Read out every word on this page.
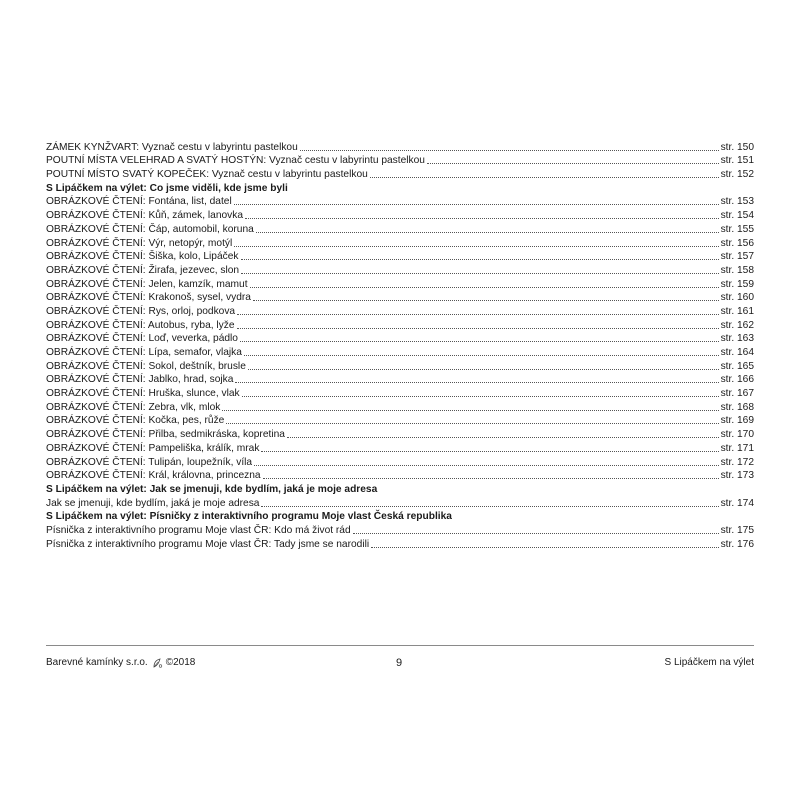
ZÁMEK KYNŽVART: Vyznač cestu v labyrintu pastelkou	str. 150
POUTNÍ MÍSTA VELEHRAD A SVATÝ HOSTÝN: Vyznač cestu v labyrintu pastelkou	str. 151
POUTNÍ MÍSTO SVATÝ KOPEČEK: Vyznač cestu v labyrintu pastelkou	str. 152
S Lipáčkem na výlet: Co jsme viděli, kde jsme byli
OBRÁZKOVÉ ČTENÍ: Fontána, list, datel	str. 153
OBRÁZKOVÉ ČTENÍ: Kůň, zámek, lanovka	str. 154
OBRÁZKOVÉ ČTENÍ: Čáp, automobil, koruna	str. 155
OBRÁZKOVÉ ČTENÍ: Výr, netopýr, motýl	str. 156
OBRÁZKOVÉ ČTENÍ: Šiška, kolo, Lipáček	str. 157
OBRÁZKOVÉ ČTENÍ: Žirafa, jezevec, slon	str. 158
OBRÁZKOVÉ ČTENÍ: Jelen, kamzík, mamut	str. 159
OBRÁZKOVÉ ČTENÍ: Krakonoš, sysel, vydra	str. 160
OBRÁZKOVÉ ČTENÍ: Rys, orloj, podkova	str. 161
OBRÁZKOVÉ ČTENÍ: Autobus, ryba, lyže	str. 162
OBRÁZKOVÉ ČTENÍ: Loď, veverka, pádlo	str. 163
OBRÁZKOVÉ ČTENÍ: Lípa, semafor, vlajka	str. 164
OBRÁZKOVÉ ČTENÍ: Sokol, deštník, brusle	str. 165
OBRÁZKOVÉ ČTENÍ: Jablko, hrad, sojka	str. 166
OBRÁZKOVÉ ČTENÍ: Hruška, slunce, vlak	str. 167
OBRÁZKOVÉ ČTENÍ: Zebra, vlk, mlok	str. 168
OBRÁZKOVÉ ČTENÍ: Kočka, pes, růže	str. 169
OBRÁZKOVÉ ČTENÍ: Přilba, sedmikráska, kopretina	str. 170
OBRÁZKOVÉ ČTENÍ: Pampeliška, králík, mrak	str. 171
OBRÁZKOVÉ ČTENÍ: Tulipán, loupežník, víla	str. 172
OBRÁZKOVÉ ČTENÍ: Král, královna, princezna	str. 173
S Lipáčkem na výlet: Jak se jmenuji, kde bydlím, jaká je moje adresa
Jak se jmenuji, kde bydlím, jaká je moje adresa	str. 174
S Lipáčkem na výlet: Písničky z interaktivního programu Moje vlast Česká republika
Písnička z interaktivního programu Moje vlast ČR: Kdo má život rád	str. 175
Písnička z interaktivního programu Moje vlast ČR: Tady jsme se narodili	str. 176
Barevné kamínky s.r.o. ©2018	9	S Lipáčkem na výlet
